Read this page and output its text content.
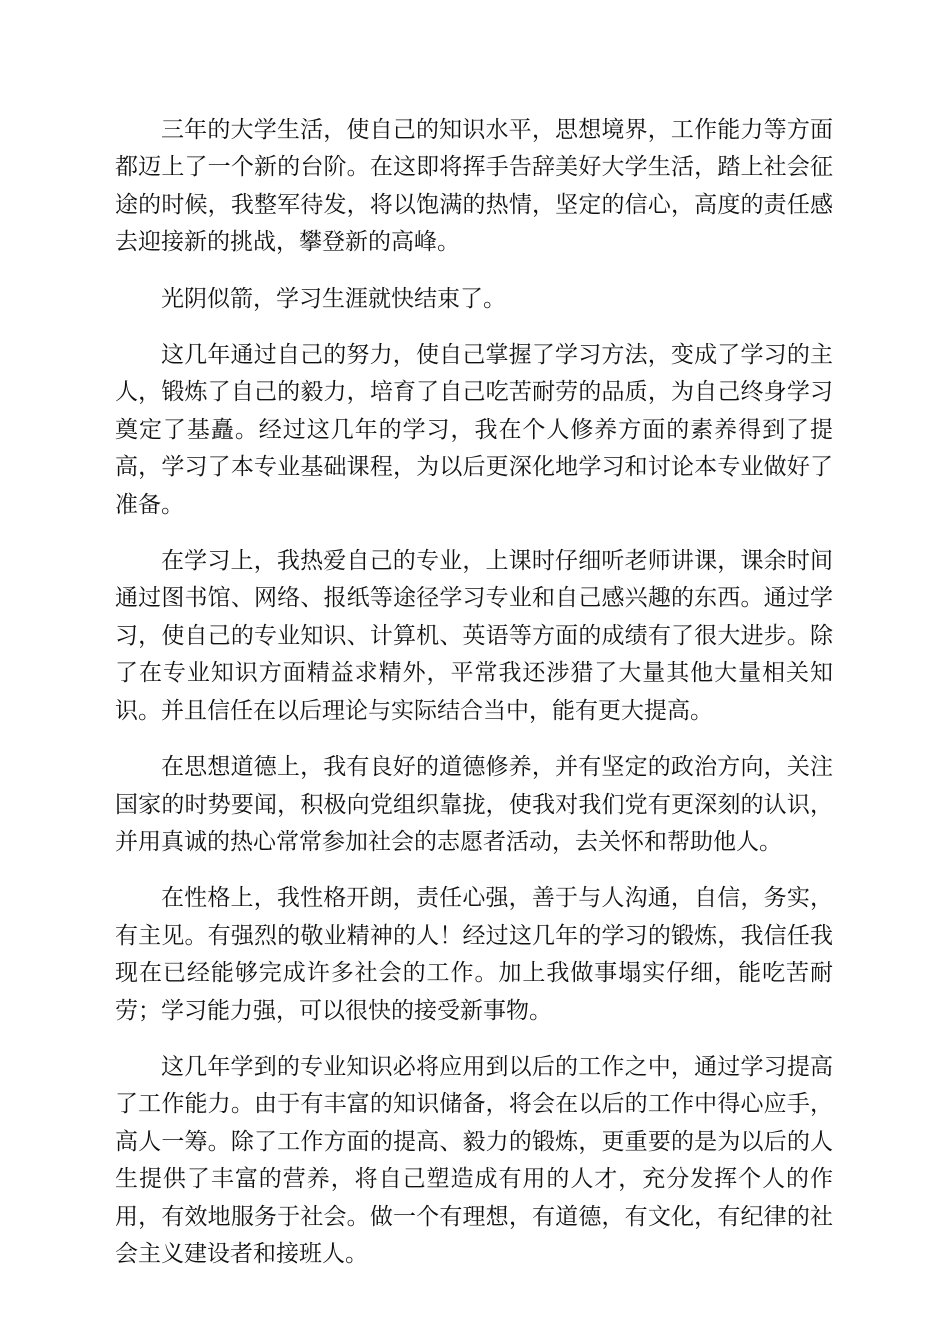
三年的大学生活，使自己的知识水平，思想境界，工作能力等方面都迈上了一个新的台阶。在这即将挥手告辞美好大学生活，踏上社会征途的时候，我整军待发，将以饱满的热情，坚定的信心，高度的责任感去迎接新的挑战，攀登新的高峰。

光阴似箭，学习生涯就快结束了。

这几年通过自己的努力，使自己掌握了学习方法，变成了学习的主人，锻炼了自己的毅力，培育了自己吃苦耐劳的品质，为自己终身学习奠定了基矗。经过这几年的学习，我在个人修养方面的素养得到了提高，学习了本专业基础课程，为以后更深化地学习和讨论本专业做好了准备。

在学习上，我热爱自己的专业，上课时仔细听老师讲课，课余时间通过图书馆、网络、报纸等途径学习专业和自己感兴趣的东西。通过学习，使自己的专业知识、计算机、英语等方面的成绩有了很大进步。除了在专业知识方面精益求精外，平常我还涉猎了大量其他大量相关知识。并且信任在以后理论与实际结合当中，能有更大提高。

在思想道德上，我有良好的道德修养，并有坚定的政治方向，关注国家的时势要闻，积极向党组织靠拢，使我对我们党有更深刻的认识，并用真诚的热心常常参加社会的志愿者活动，去关怀和帮助他人。

在性格上，我性格开朗，责任心强，善于与人沟通，自信，务实，有主见。有强烈的敬业精神的人！经过这几年的学习的锻炼，我信任我现在已经能够完成许多社会的工作。加上我做事塌实仔细，能吃苦耐劳；学习能力强，可以很快的接受新事物。

这几年学到的专业知识必将应用到以后的工作之中，通过学习提高了工作能力。由于有丰富的知识储备，将会在以后的工作中得心应手，高人一筹。除了工作方面的提高、毅力的锻炼，更重要的是为以后的人生提供了丰富的营养，将自己塑造成有用的人才，充分发挥个人的作用，有效地服务于社会。做一个有理想，有道德，有文化，有纪律的社会主义建设者和接班人。
